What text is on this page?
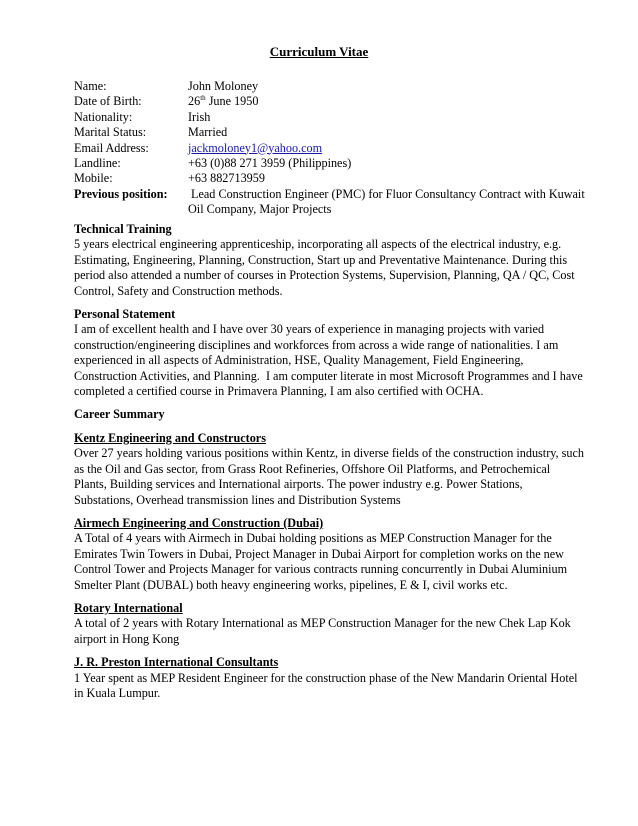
Curriculum Vitae
Name:	John Moloney
Date of Birth:	26th June 1950
Nationality:	Irish
Marital Status:	Married
Email Address:	jackmoloney1@yahoo.com
Landline:	+63 (0)88 271 3959 (Philippines)
Mobile:	+63 882713959
Previous position: Lead Construction Engineer (PMC) for Fluor Consultancy Contract with Kuwait Oil Company, Major Projects
Technical Training
5 years electrical engineering apprenticeship, incorporating all aspects of the electrical industry, e.g. Estimating, Engineering, Planning, Construction, Start up and Preventative Maintenance. During this period also attended a number of courses in Protection Systems, Supervision, Planning, QA / QC, Cost Control, Safety and Construction methods.
Personal Statement
I am of excellent health and I have over 30 years of experience in managing projects with varied construction/engineering disciplines and workforces from across a wide range of nationalities. I am experienced in all aspects of Administration, HSE, Quality Management, Field Engineering, Construction Activities, and Planning.  I am computer literate in most Microsoft Programmes and I have completed a certified course in Primavera Planning, I am also certified with OCHA.
Career Summary
Kentz Engineering and Constructors
Over 27 years holding various positions within Kentz, in diverse fields of the construction industry, such as the Oil and Gas sector, from Grass Root Refineries, Offshore Oil Platforms, and Petrochemical Plants, Building services and International airports. The power industry e.g. Power Stations, Substations, Overhead transmission lines and Distribution Systems
Airmech Engineering and Construction (Dubai)
A Total of 4 years with Airmech in Dubai holding positions as MEP Construction Manager for the Emirates Twin Towers in Dubai, Project Manager in Dubai Airport for completion works on the new Control Tower and Projects Manager for various contracts running concurrently in Dubai Aluminium Smelter Plant (DUBAL) both heavy engineering works, pipelines, E & I, civil works etc.
Rotary International
A total of 2 years with Rotary International as MEP Construction Manager for the new Chek Lap Kok airport in Hong Kong
J. R. Preston International Consultants
1 Year spent as MEP Resident Engineer for the construction phase of the New Mandarin Oriental Hotel in Kuala Lumpur.
